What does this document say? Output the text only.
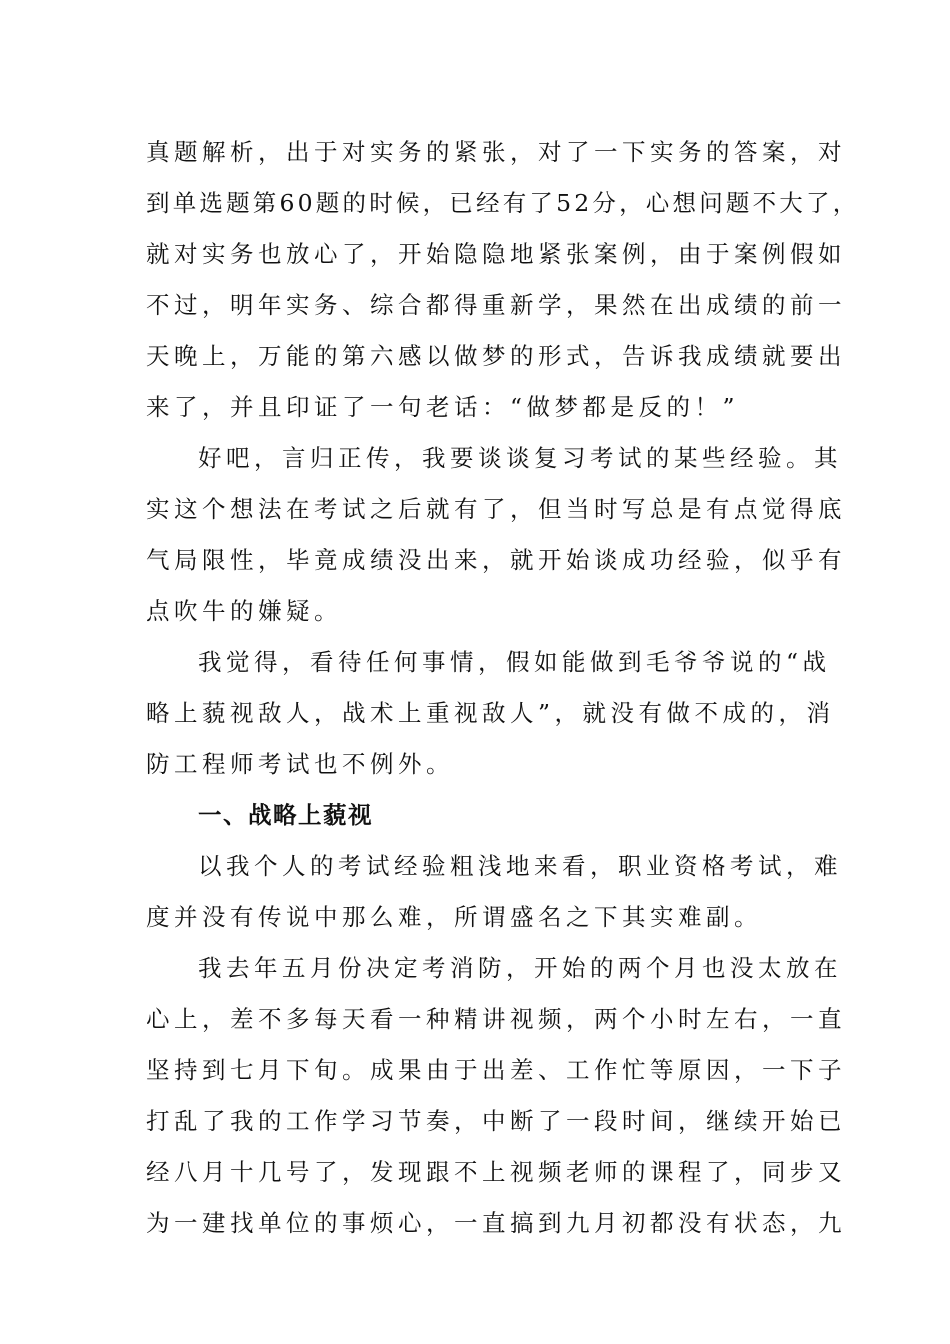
真题解析，出于对实务的紧张，对了一下实务的答案，对
到单选题第60题的时候，已经有了52分，心想问题不大了，
就对实务也放心了，开始隐隐地紧张案例，由于案例假如
不过，明年实务、综合都得重新学，果然在出成绩的前一
天晚上，万能的第六感以做梦的形式，告诉我成绩就要出
来了，并且印证了一句老话：“做梦都是反的！”
好吧，言归正传，我要谈谈复习考试的某些经验。其
实这个想法在考试之后就有了，但当时写总是有点觉得底
气局限性，毕竟成绩没出来，就开始谈成功经验，似乎有
点吹牛的嫌疑。
我觉得，看待任何事情，假如能做到毛爷爷说的“战
略上藐视敌人，战术上重视敌人”，就没有做不成的，消
防工程师考试也不例外。
一、战略上藐视
以我个人的考试经验粗浅地来看，职业资格考试，难
度并没有传说中那么难，所谓盛名之下其实难副。
我去年五月份决定考消防，开始的两个月也没太放在
心上，差不多每天看一种精讲视频，两个小时左右，一直
坚持到七月下旬。成果由于出差、工作忙等原因，一下子
打乱了我的工作学习节奏，中断了一段时间，继续开始已
经八月十几号了，发现跟不上视频老师的课程了，同步又
为一建找单位的事烦心，一直搞到九月初都没有状态，九
